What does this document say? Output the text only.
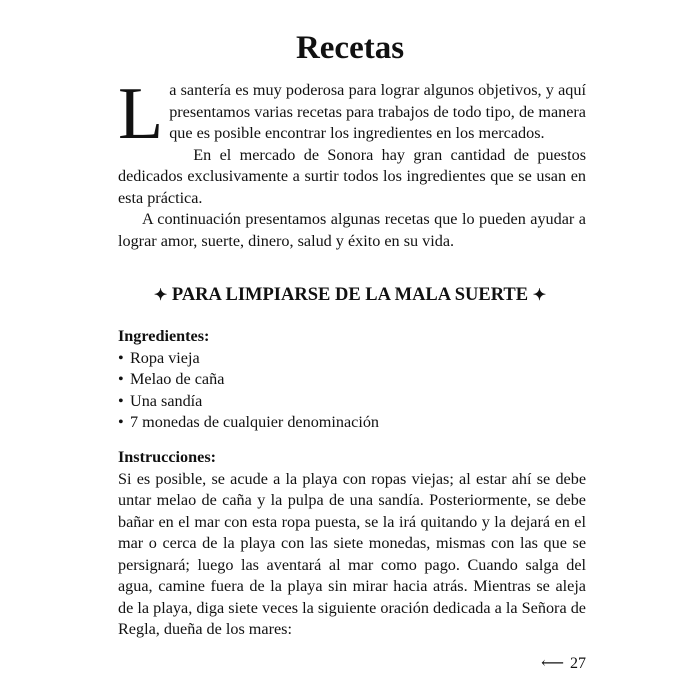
Recetas

La santería es muy poderosa para lograr algunos objetivos, y aquí presentamos varias recetas para trabajos de todo tipo, de manera que es posible encontrar los ingredientes en los mercados.

En el mercado de Sonora hay gran cantidad de puestos dedicados exclusivamente a surtir todos los ingredientes que se usan en esta práctica.

A continuación presentamos algunas recetas que lo pueden ayudar a lograr amor, suerte, dinero, salud y éxito en su vida.

✦ PARA LIMPIARSE DE LA MALA SUERTE ✦

Ingredientes:

• Ropa vieja
• Melao de caña
• Una sandía
• 7 monedas de cualquier denominación

Instrucciones:

Si es posible, se acude a la playa con ropas viejas; al estar ahí se debe untar melao de caña y la pulpa de una sandía. Posteriormente, se debe bañar en el mar con esta ropa puesta, se la irá quitando y la dejará en el mar o cerca de la playa con las siete monedas, mismas con las que se persignará; luego las aventará al mar como pago. Cuando salga del agua, camine fuera de la playa sin mirar hacia atrás. Mientras se aleja de la playa, diga siete veces la siguiente oración dedicada a la Señora de Regla, dueña de los mares:

⟵ 27
